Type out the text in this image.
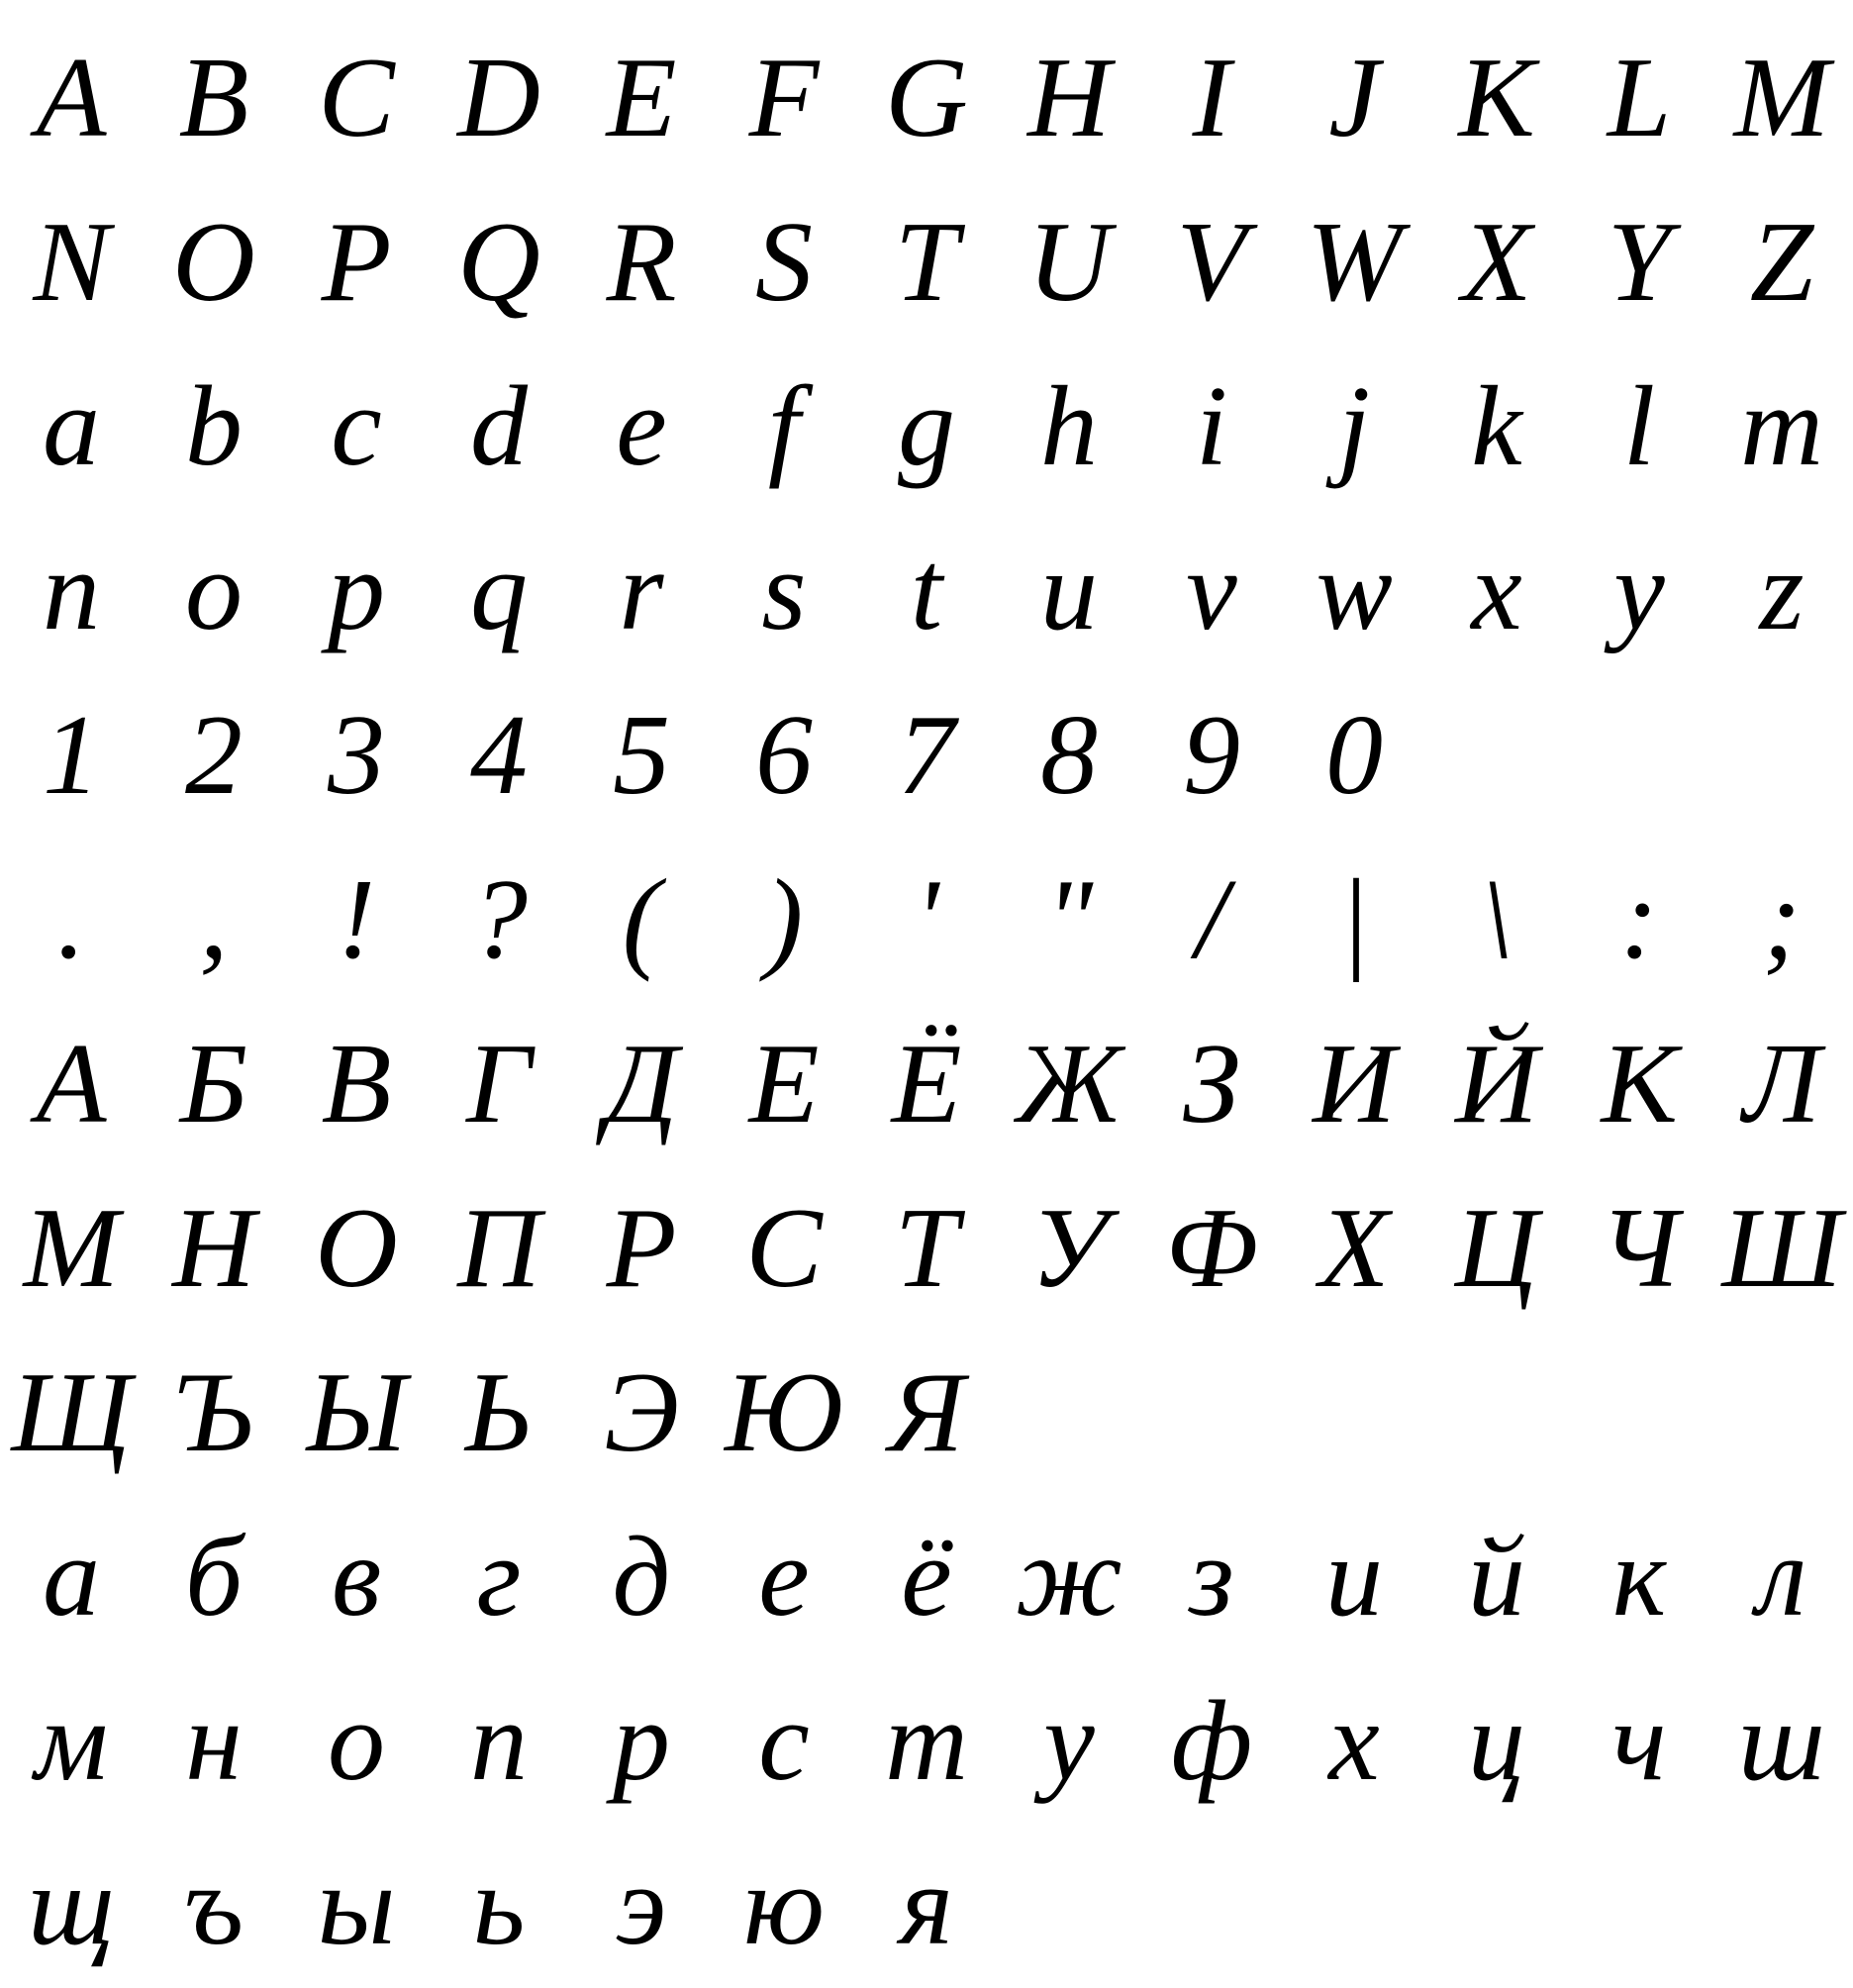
A B C D E F G H I J K L M
N O P Q R S T U V W X Y Z
a b c d e f g h i j k l m
n o p q r s t u v w x y z
1 2 3 4 5 6 7 8 9 0
. , ! ? ( ) ' " / | \ : ;
А Б В Г Д Е Ё Ж З И Й К Л
М Н О П Р С Т У Ф Х Ц Ч Ш
Щ Ъ Ы Ь Э Ю Я
а б в г д е ё ж з и й к л
м н о п р с т у ф х ц ч ш
щ ъ ы ь э ю я
